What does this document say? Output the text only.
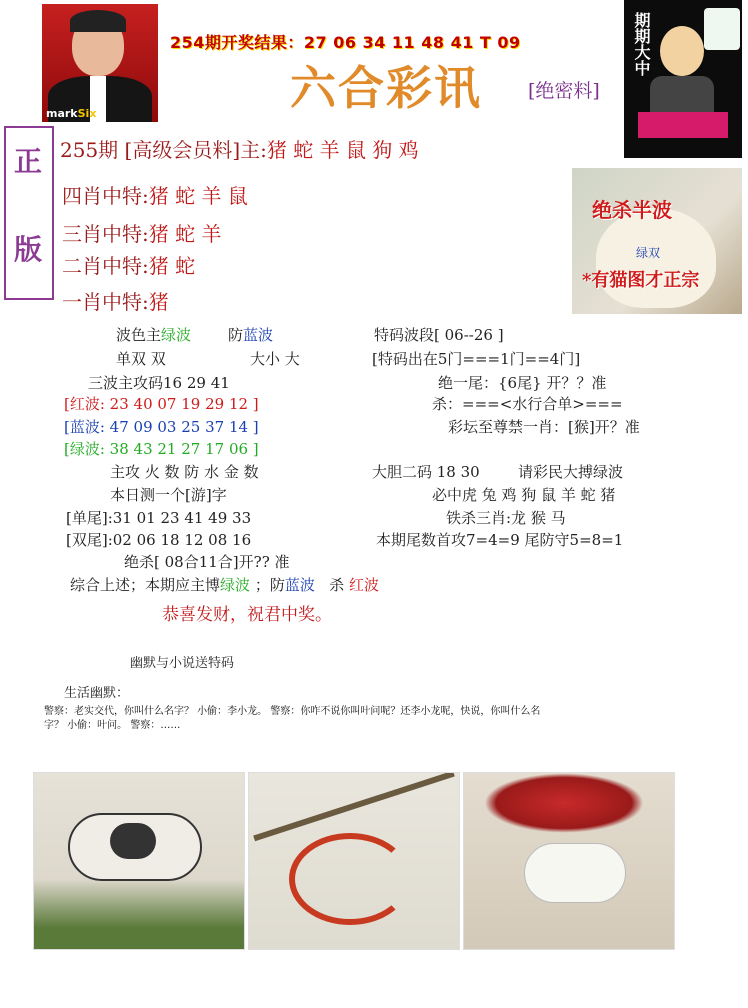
markSix
254期开奖结果：27 06 34 11 48 41 T 09
六合彩讯 [绝密料]
期期大中
正
版
255期 [高级会员料]主:猪 蛇 羊 鼠 狗 鸡
四肖中特:猪 蛇 羊 鼠
三肖中特:猪 蛇 羊
二肖中特:猪 蛇
一肖中特:猪
绝杀半波
绿双
*有猫图才正宗
波色主绿波 防蓝波	特码波段[ 06--26 ]
单双 双	大小 大	[特码出在5门===1门==4门]
三波主攻码16 29 41	绝一尾：{6尾} 开？？准
[红波: 23 40 07 19 29 12 ]	杀：===<水行合单>===
[蓝波: 47 09 03 25 37 14 ]	彩坛至尊禁一肖：[猴]开？准
[绿波: 38 43 21 27 17 06 ]
主攻 火 数 防 水 金 数	大胆二码 18 30	请彩民大搏绿波
本日测一个[游]字	必中虎 兔 鸡 狗 鼠 羊 蛇 猪
[单尾]:31 01 23 41 49 33	铁杀三肖:龙 猴 马
[双尾]:02 06 18 12 08 16	本期尾数首攻7=4=9 尾防守5=8=1
绝杀[ 08合11合]开?? 准
综合上述；本期应主博绿波 ；防蓝波 杀 红波
恭喜发财，祝君中奖。
幽默与小说送特码
生活幽默：
警察：老实交代，你叫什么名字？ 小偷：李小龙。 警察：你咋不说你叫叶问呢？还李小龙呢，快说，你叫什么名
字？ 小偷：叶问。 警察：……
